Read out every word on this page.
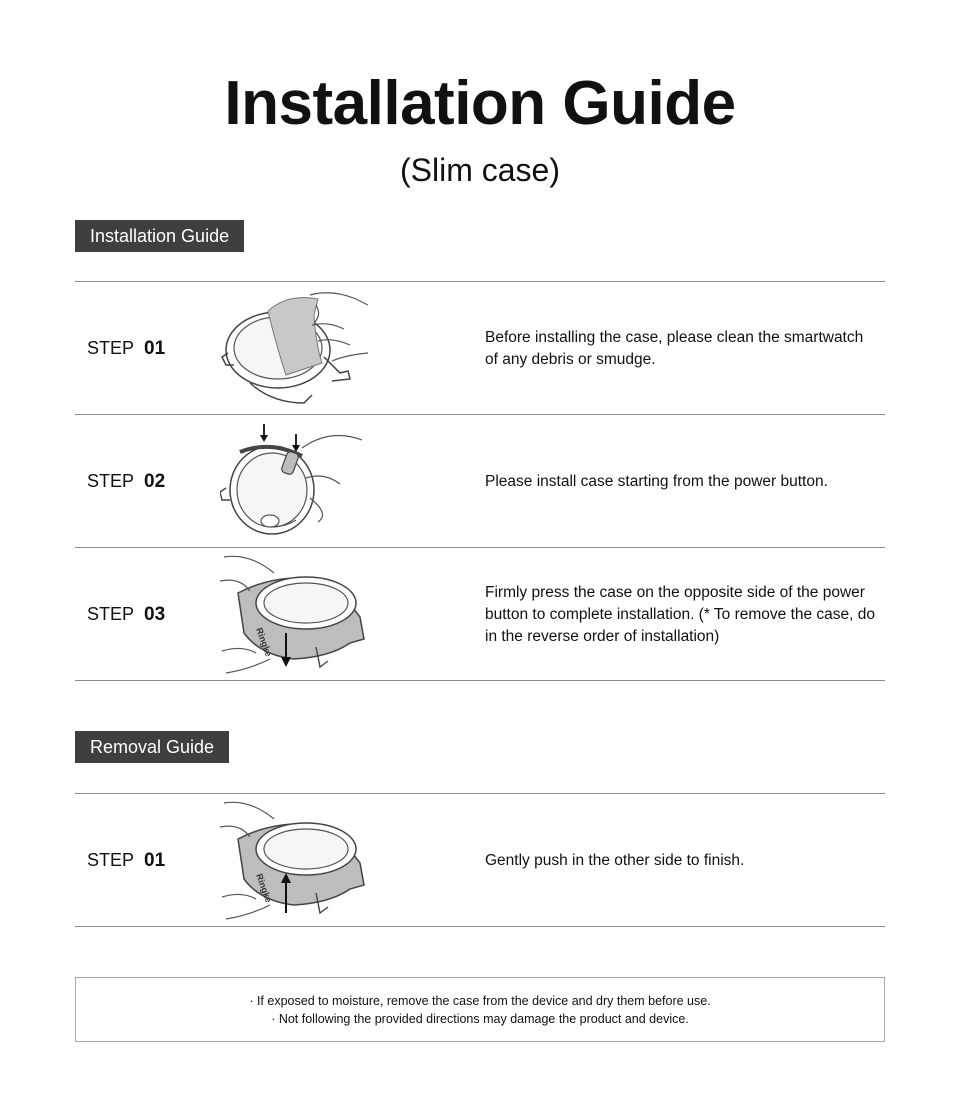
Installation Guide
(Slim case)
Installation Guide
STEP 01
Before installing the case, please clean the smartwatch of any debris or smudge.
STEP 02	Please install case starting from the power button.
STEP 03
Ringke
Firmly press the case on the opposite side of the power button to complete installation. (* To remove the case, do in the reverse order of installation)
Removal Guide
STEP 01
Ringke
Gently push in the other side to finish.
· If exposed to moisture, remove the case from the device and dry them before use.
· Not following the provided directions may damage the product and device.
